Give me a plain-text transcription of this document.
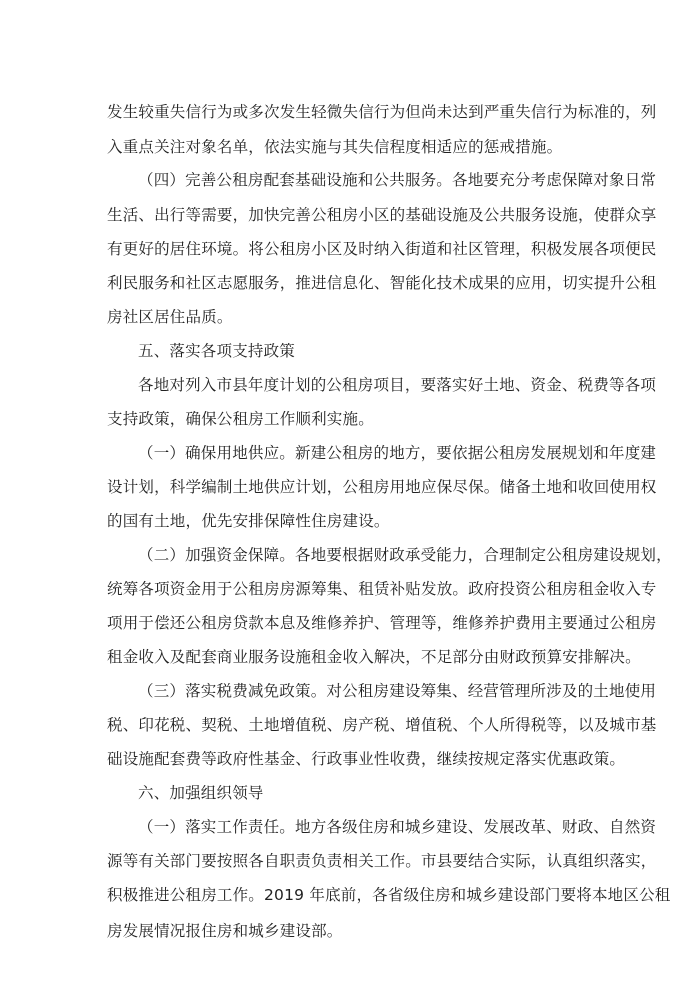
发生较重失信行为或多次发生轻微失信行为但尚未达到严重失信行为标准的，列
入重点关注对象名单，依法实施与其失信程度相适应的惩戒措施。
（四）完善公租房配套基础设施和公共服务。各地要充分考虑保障对象日常
生活、出行等需要，加快完善公租房小区的基础设施及公共服务设施，使群众享
有更好的居住环境。将公租房小区及时纳入街道和社区管理，积极发展各项便民
利民服务和社区志愿服务，推进信息化、智能化技术成果的应用，切实提升公租
房社区居住品质。
五、落实各项支持政策
各地对列入市县年度计划的公租房项目，要落实好土地、资金、税费等各项
支持政策，确保公租房工作顺利实施。
（一）确保用地供应。新建公租房的地方，要依据公租房发展规划和年度建
设计划，科学编制土地供应计划，公租房用地应保尽保。储备土地和收回使用权
的国有土地，优先安排保障性住房建设。
（二）加强资金保障。各地要根据财政承受能力，合理制定公租房建设规划，
统筹各项资金用于公租房房源筹集、租赁补贴发放。政府投资公租房租金收入专
项用于偿还公租房贷款本息及维修养护、管理等，维修养护费用主要通过公租房
租金收入及配套商业服务设施租金收入解决，不足部分由财政预算安排解决。
（三）落实税费减免政策。对公租房建设筹集、经营管理所涉及的土地使用
税、印花税、契税、土地增值税、房产税、增值税、个人所得税等，以及城市基
础设施配套费等政府性基金、行政事业性收费，继续按规定落实优惠政策。
六、加强组织领导
（一）落实工作责任。地方各级住房和城乡建设、发展改革、财政、自然资
源等有关部门要按照各自职责负责相关工作。市县要结合实际，认真组织落实，
积极推进公租房工作。2019 年底前，各省级住房和城乡建设部门要将本地区公租
房发展情况报住房和城乡建设部。
